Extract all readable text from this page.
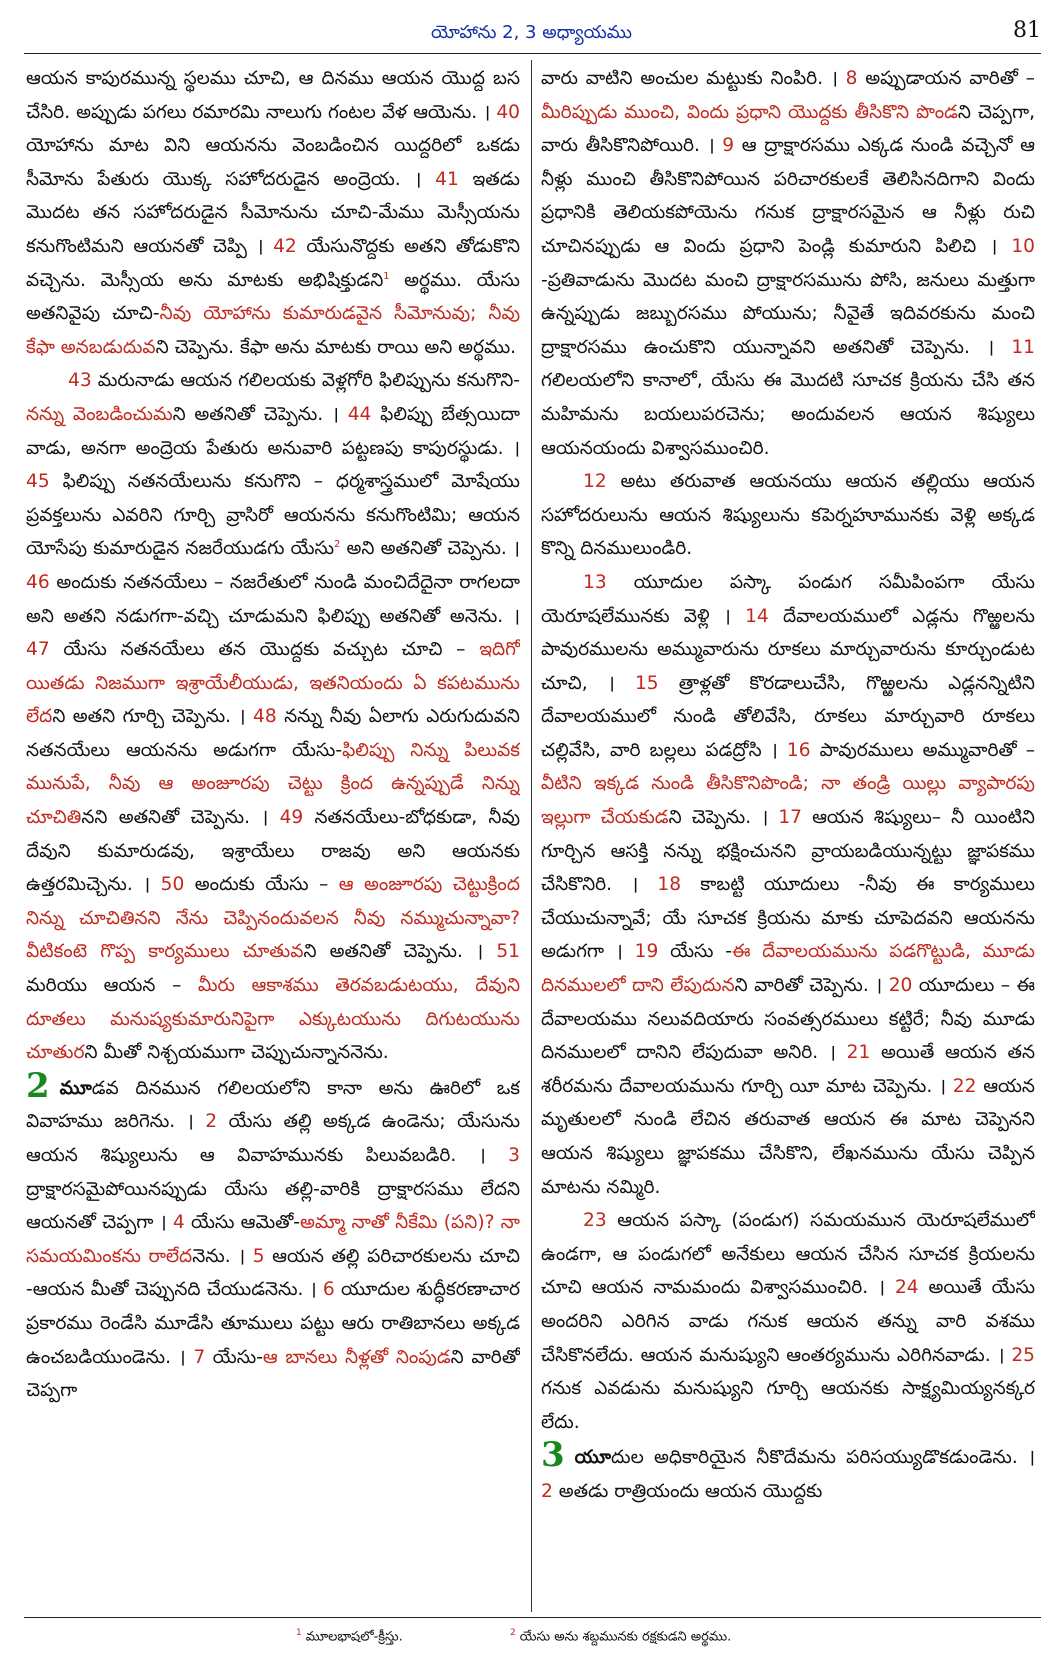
యోహాను 2, 3 అధ్యాయము	81

ఆయన కాపురమున్న స్థలము చూచి, ఆ దినము ఆయన యొద్ద బస చేసిరి. అప్పుడు పగలు రమారమి నాలుగు గంటల వేళ ఆయెను. । 40 యోహాను మాట విని ఆయనను వెంబడించిన యిద్దరిలో ఒకడు సీమోను పేతురు యొక్క సహోదరుడైన అంద్రెయ. । 41 ఇతడు మొదట తన సహోదరుడైన సీమోనును చూచి-మేము మెస్సీయను కనుగొంటిమని ఆయనతో చెప్పి । 42 యేసునొద్దకు అతని తోడుకొని వచ్చెను. మెస్సీయ అను మాటకు అభిషిక్తుడని$^1$ అర్థము. యేసు అతనివైపు చూచి-నీవు యోహాను కుమారుడవైన సీమోనువు; నీవు కేఫా అనబడుదువని చెప్పెను. కేఫా అను మాటకు రాయి అని అర్థము.

43 మరునాడు ఆయన గలిలయకు వెళ్లగోరి ఫిలిప్పును కనుగొని-నన్ను వెంబడించుమని అతనితో చెప్పెను. । 44 ఫిలిప్పు బేత్సయిదా వాడు, అనగా అంద్రెయ పేతురు అనువారి పట్టణపు కాపురస్థుడు. । 45 ఫిలిప్పు నతనయేలును కనుగొని – ధర్మశాస్త్రములో మోషేయు ప్రవక్తలును ఎవరిని గూర్చి వ్రాసిరో ఆయనను కనుగొంటిమి; ఆయన యోసేపు కుమారుడైన నజరేయుడగు యేసు$^2$ అని అతనితో చెప్పెను. । 46 అందుకు నతనయేలు – నజరేతులో నుండి మంచిదేదైనా రాగలదా అని అతని నడుగగా-వచ్చి చూడుమని ఫిలిప్పు అతనితో అనెను. । 47 యేసు నతనయేలు తన యొద్దకు వచ్చుట చూచి – ఇదిగో యితడు నిజముగా ఇశ్రాయేలీయుడు, ఇతనియందు ఏ కపటమును లేదని అతని గూర్చి చెప్పెను. । 48 నన్ను నీవు ఏలాగు ఎరుగుదువని నతనయేలు ఆయనను అడుగగా యేసు-ఫిలిప్పు నిన్ను పిలువక మునుపే, నీవు ఆ అంజూరపు చెట్టు క్రింద ఉన్నప్పుడే నిన్ను చూచితినని అతనితో చెప్పెను. । 49 నతనయేలు-బోధకుడా, నీవు దేవుని కుమారుడవు, ఇశ్రాయేలు రాజవు అని ఆయనకు ఉత్తరమిచ్చెను. । 50 అందుకు యేసు – ఆ అంజూరపు చెట్టుక్రింద నిన్ను చూచితినని నేను చెప్పినందువలన నీవు నమ్ముచున్నావా? వీటికంటె గొప్ప కార్యములు చూతువని అతనితో చెప్పెను. । 51 మరియు ఆయన – మీరు ఆకాశము తెరవబడుటయు, దేవుని దూతలు మనుష్యకుమారునిపైగా ఎక్కుటయును దిగుటయును చూతురని మీతో నిశ్చయముగా చెప్పుచున్నాననెను.

2 మూడవ దినమున గలిలయలోని కానా అను ఊరిలో ఒక వివాహము జరిగెను. । 2 యేసు తల్లి అక్కడ ఉండెను; యేసును ఆయన శిష్యులును ఆ వివాహమునకు పిలువబడిరి. । 3 ద్రాక్షారసమైపోయినప్పుడు యేసు తల్లి-వారికి ద్రాక్షారసము లేదని ఆయనతో చెప్పగా । 4 యేసు ఆమెతో-అమ్మా నాతో నీకేమి (పని)? నా సమయమింకను రాలేదనెను. । 5 ఆయన తల్లి పరిచారకులను చూచి -ఆయన మీతో చెప్పునది చేయుడనెను. । 6 యూదుల శుద్ధీకరణాచార ప్రకారము రెండేసి మూడేసి తూములు పట్టు ఆరు రాతిబానలు అక్కడ ఉంచబడియుండెను. । 7 యేసు-ఆ బానలు నీళ్లతో నింపుడని వారితో చెప్పగా

వారు వాటిని అంచుల మట్టుకు నింపిరి. । 8 అప్పుడాయన వారితో – మీరిప్పుడు ముంచి, విందు ప్రధాని యొద్దకు తీసికొని పొండని చెప్పగా, వారు తీసికొనిపోయిరి. । 9 ఆ ద్రాక్షారసము ఎక్కడ నుండి వచ్చెనో ఆ నీళ్లు ముంచి తీసికొనిపోయిన పరిచారకులకే తెలిసినదిగాని విందు ప్రధానికి తెలియకపోయెను గనుక ద్రాక్షారసమైన ఆ నీళ్లు రుచి చూచినప్పుడు ఆ విందు ప్రధాని పెండ్లి కుమారుని పిలిచి । 10 -ప్రతివాడును మొదట మంచి ద్రాక్షారసమును పోసి, జనులు మత్తుగా ఉన్నప్పుడు జబ్బురసము పోయును; నీవైతే ఇదివరకును మంచి ద్రాక్షారసము ఉంచుకొని యున్నావని అతనితో చెప్పెను. । 11 గలిలయలోని కానాలో, యేసు ఈ మొదటి సూచక క్రియను చేసి తన మహిమను బయలుపరచెను; అందువలన ఆయన శిష్యులు ఆయనయందు విశ్వాసముంచిరి.

12 అటు తరువాత ఆయనయు ఆయన తల్లియు ఆయన సహోదరులును ఆయన శిష్యులును కపెర్నహూమునకు వెళ్లి అక్కడ కొన్ని దినములుండిరి.

13 యూదుల పస్కా పండుగ సమీపింపగా యేసు యెరూషలేమునకు వెళ్లి । 14 దేవాలయములో ఎడ్లను గొఱ్ఱలను పావురములను అమ్మువారును రూకలు మార్చువారును కూర్చుండుట చూచి, । 15 త్రాళ్లతో కొరడాలుచేసి, గొఱ్ఱలను ఎడ్లనన్నిటిని దేవాలయములో నుండి తోలివేసి, రూకలు మార్చువారి రూకలు చల్లివేసి, వారి బల్లలు పడద్రోసి । 16 పావురములు అమ్మువారితో – వీటిని ఇక్కడ నుండి తీసికొనిపొండి; నా తండ్రి యిల్లు వ్యాపారపు ఇల్లుగా చేయకుడని చెప్పెను. । 17 ఆయన శిష్యులు– నీ యింటిని గూర్చిన ఆసక్తి నన్ను భక్షించునని వ్రాయబడియున్నట్టు జ్ఞాపకము చేసికొనిరి. । 18 కాబట్టి యూదులు -నీవు ఈ కార్యములు చేయుచున్నావే; యే సూచక క్రియను మాకు చూపెదవని ఆయనను అడుగగా । 19 యేసు -ఈ దేవాలయమును పడగొట్టుడి, మూడు దినములలో దాని లేపుదునని వారితో చెప్పెను. । 20 యూదులు – ఈ దేవాలయము నలువదియారు సంవత్సరములు కట్టిరే; నీవు మూడు దినములలో దానిని లేపుదువా అనిరి. । 21 అయితే ఆయన తన శరీరమను దేవాలయమును గూర్చి యీ మాట చెప్పెను. । 22 ఆయన మృతులలో నుండి లేచిన తరువాత ఆయన ఈ మాట చెప్పెనని ఆయన శిష్యులు జ్ఞాపకము చేసికొని, లేఖనమును యేసు చెప్పిన మాటను నమ్మిరి.

23 ఆయన పస్కా (పండుగ) సమయమున యెరూషలేములో ఉండగా, ఆ పండుగలో అనేకులు ఆయన చేసిన సూచక క్రియలను చూచి ఆయన నామమందు విశ్వాసముంచిరి. । 24 అయితే యేసు అందరిని ఎరిగిన వాడు గనుక ఆయన తన్ను వారి వశము చేసికొనలేదు. ఆయన మనుష్యుని ఆంతర్యమును ఎరిగినవాడు. । 25 గనుక ఎవడును మనుష్యుని గూర్చి ఆయనకు సాక్ష్యమియ్యనక్కర లేదు.

3 యూదుల అధికారియైన నీకొదేమను పరిసయ్యుడొకడుండెను. । 2 అతడు రాత్రియందు ఆయన యొద్దకు

$^1$ మూలభాషలో-క్రీస్తు.	$^2$ యేసు అను శబ్దమునకు రక్షకుడని అర్థము.
